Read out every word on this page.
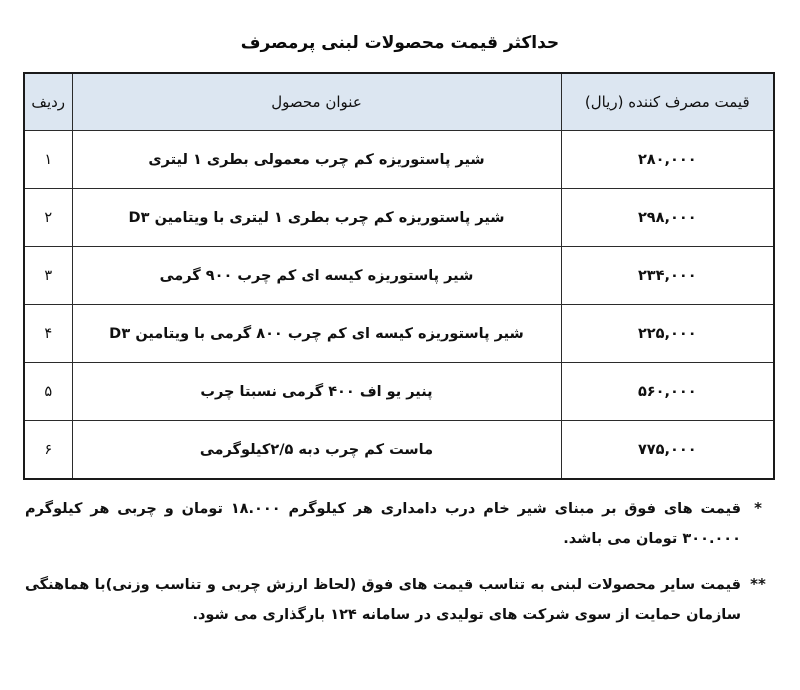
حداکثر قیمت محصولات لبنی پرمصرف
قیمت مصرف کننده (ریال)	عنوان محصول	ردیف
۲۸۰,۰۰۰	شیر پاستوریزه کم چرب معمولی بطری ۱ لیتری	۱
۲۹۸,۰۰۰	شیر پاستوریزه کم چرب بطری ۱ لیتری با ویتامین D۳	۲
۲۳۴,۰۰۰	شیر پاستوریزه کیسه ای کم چرب ۹۰۰ گرمی	۳
۲۲۵,۰۰۰	شیر پاستوریزه کیسه ای کم چرب ۸۰۰ گرمی با ویتامین D۳	۴
۵۶۰,۰۰۰	پنیر یو اف ۴۰۰ گرمی نسبتا چرب	۵
۷۷۵,۰۰۰	ماست کم چرب دبه ۲/۵کیلوگرمی	۶
*
قیمت های فوق بر مبنای شیر خام درب دامداری هر کیلوگرم ۱۸.۰۰۰ تومان و چربی هر کیلوگرم ۳۰۰.۰۰۰ تومان می باشد.
**
قیمت سایر محصولات لبنی به تناسب قیمت های فوق (لحاظ ارزش چربی و تناسب وزنی)با هماهنگی سازمان حمایت از سوی شرکت های تولیدی در سامانه ۱۲۴ بارگذاری می شود.
